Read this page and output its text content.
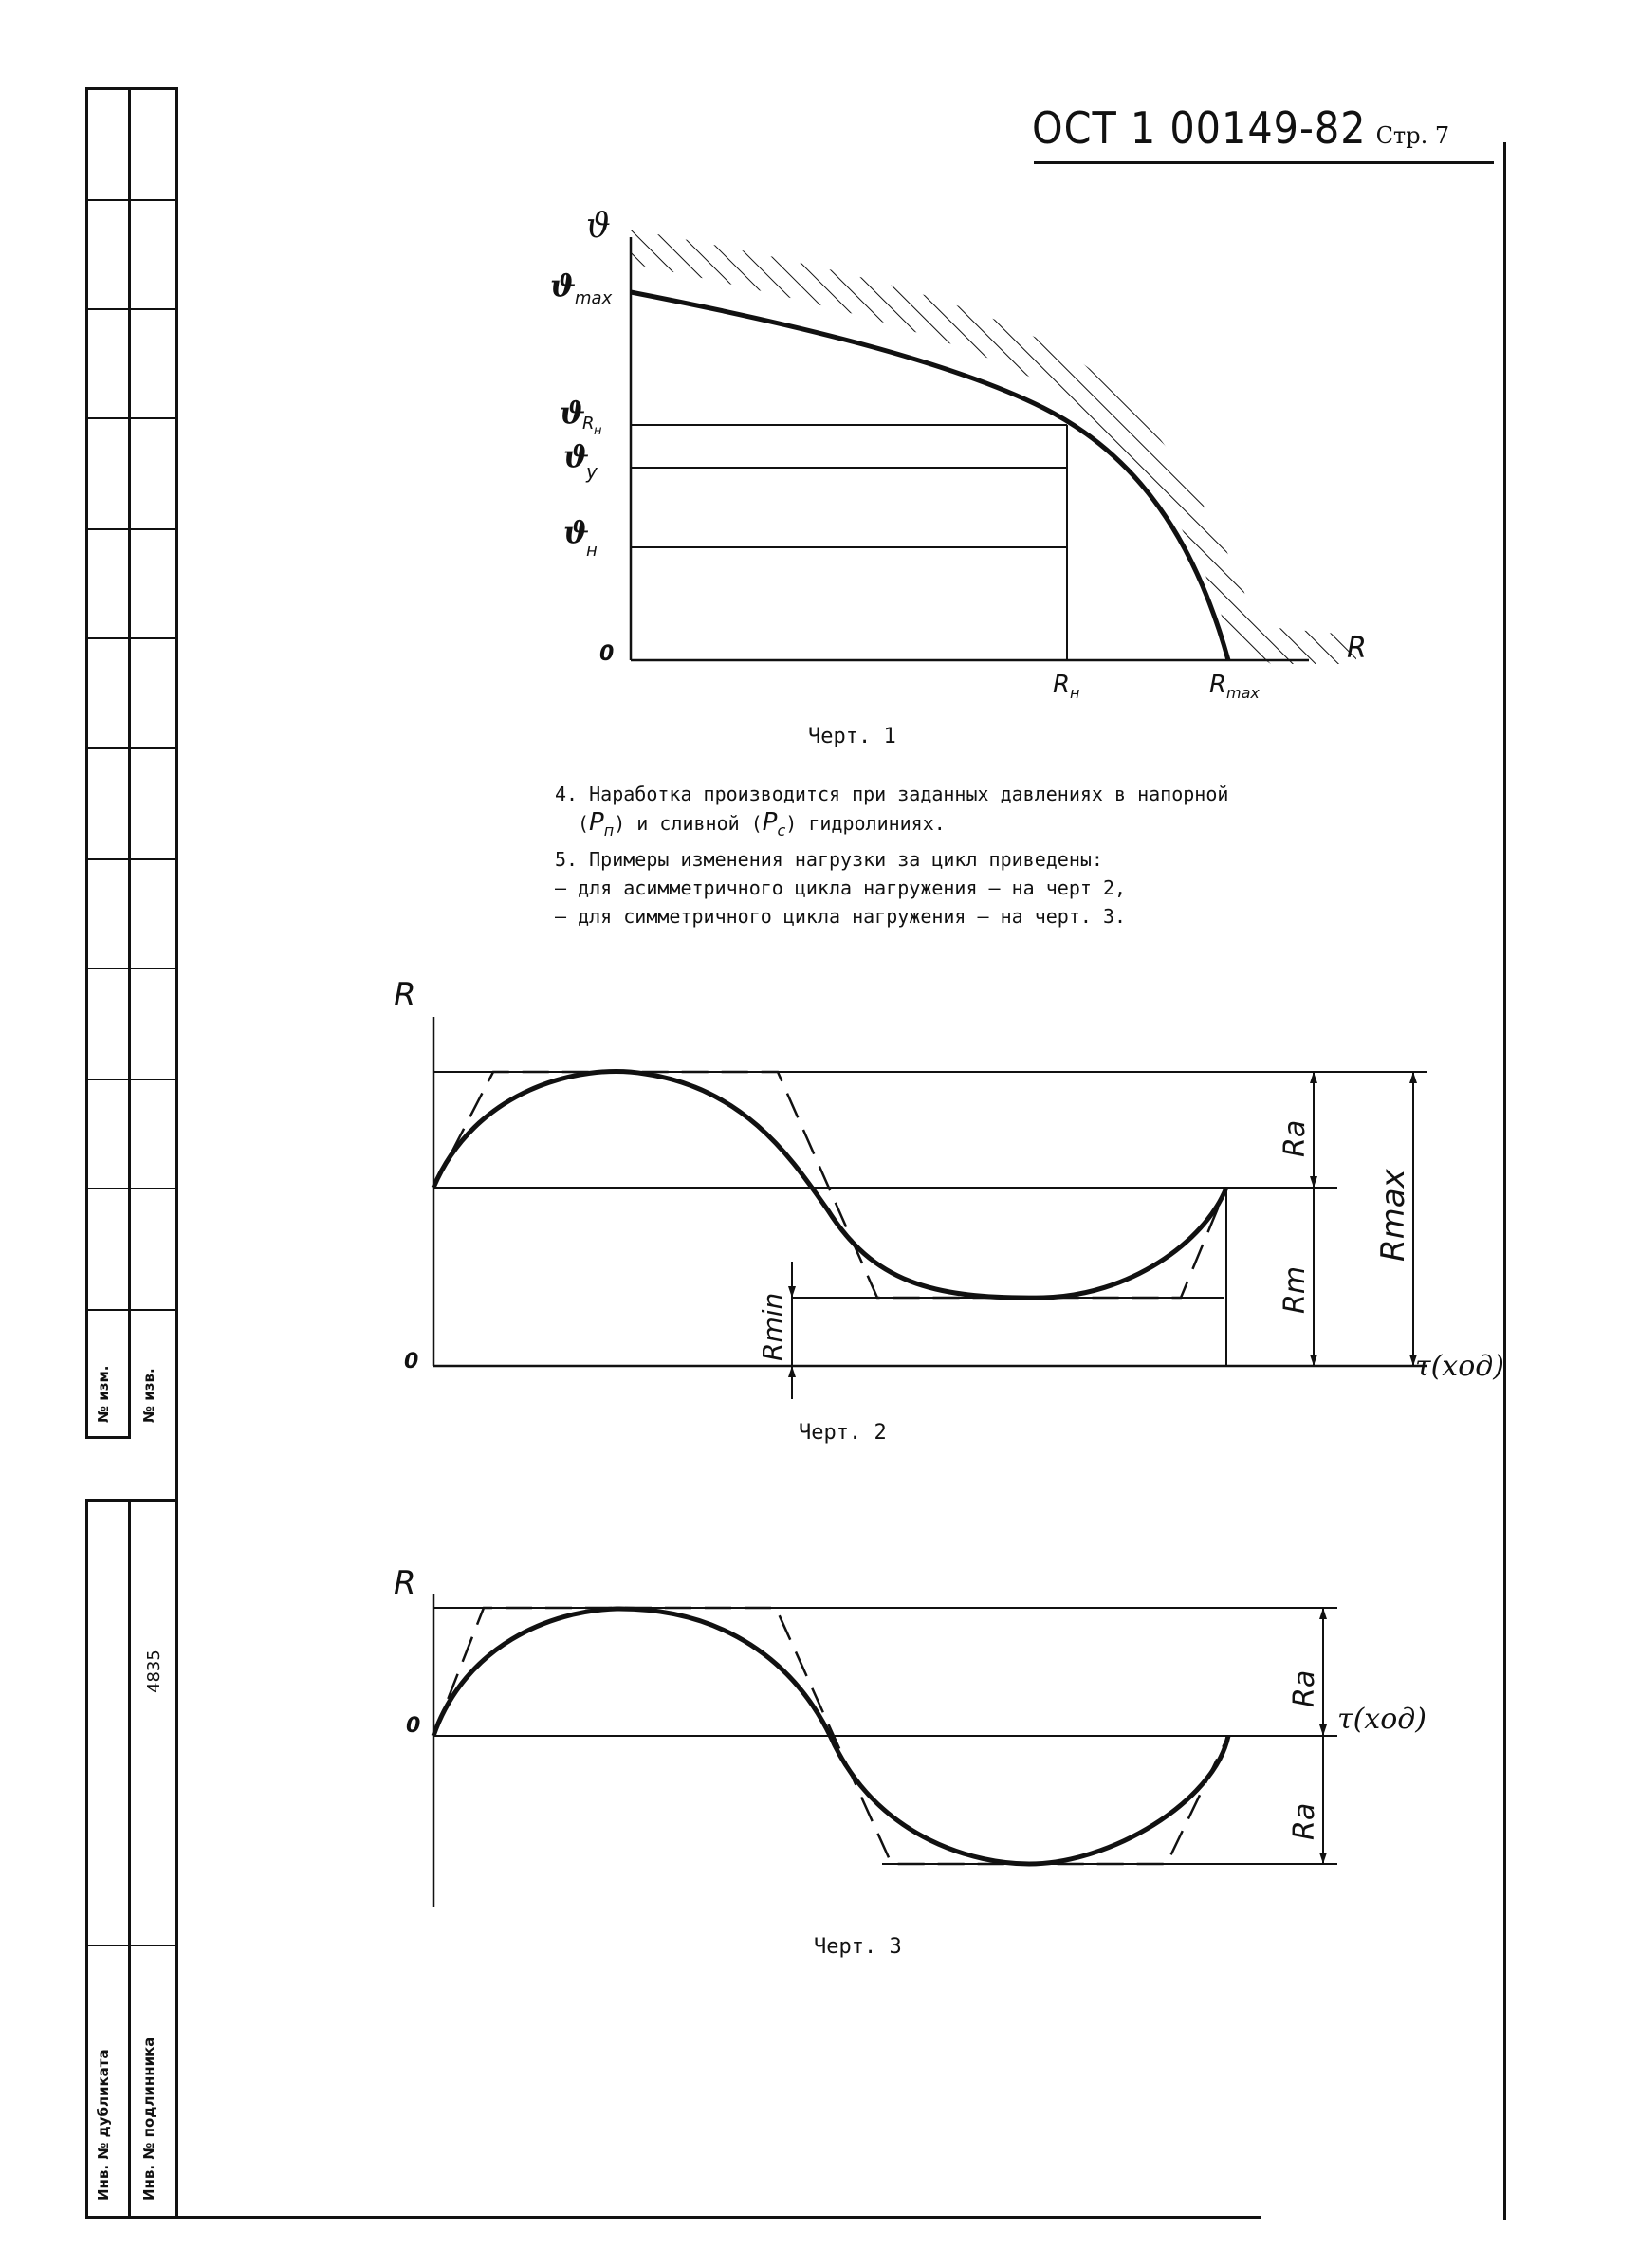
№ изм. № изв.
4835
Инв. № дубликата Инв. № подлинника
ОСТ 1 00149-82 Стр. 7
ϑ
ϑ
max
ϑ
R н
ϑ
у
ϑ
н
0
R н	R max
R
Черт. 1

4. Наработка производится при заданных давлениях в напорной

$(P_п)$ и сливной $(P_с)$ гидролиниях.

5. Примеры изменения нагрузки за цикл приведены:

– для асимметричного цикла нагружения – на черт 2,

– для симметричного цикла нагружения – на черт. 3.

R
0	τ(ход)
Ra
Rm
Rmax
Rmin
Черт. 2
R
0	τ(ход)
Ra
Ra
Черт. 3
